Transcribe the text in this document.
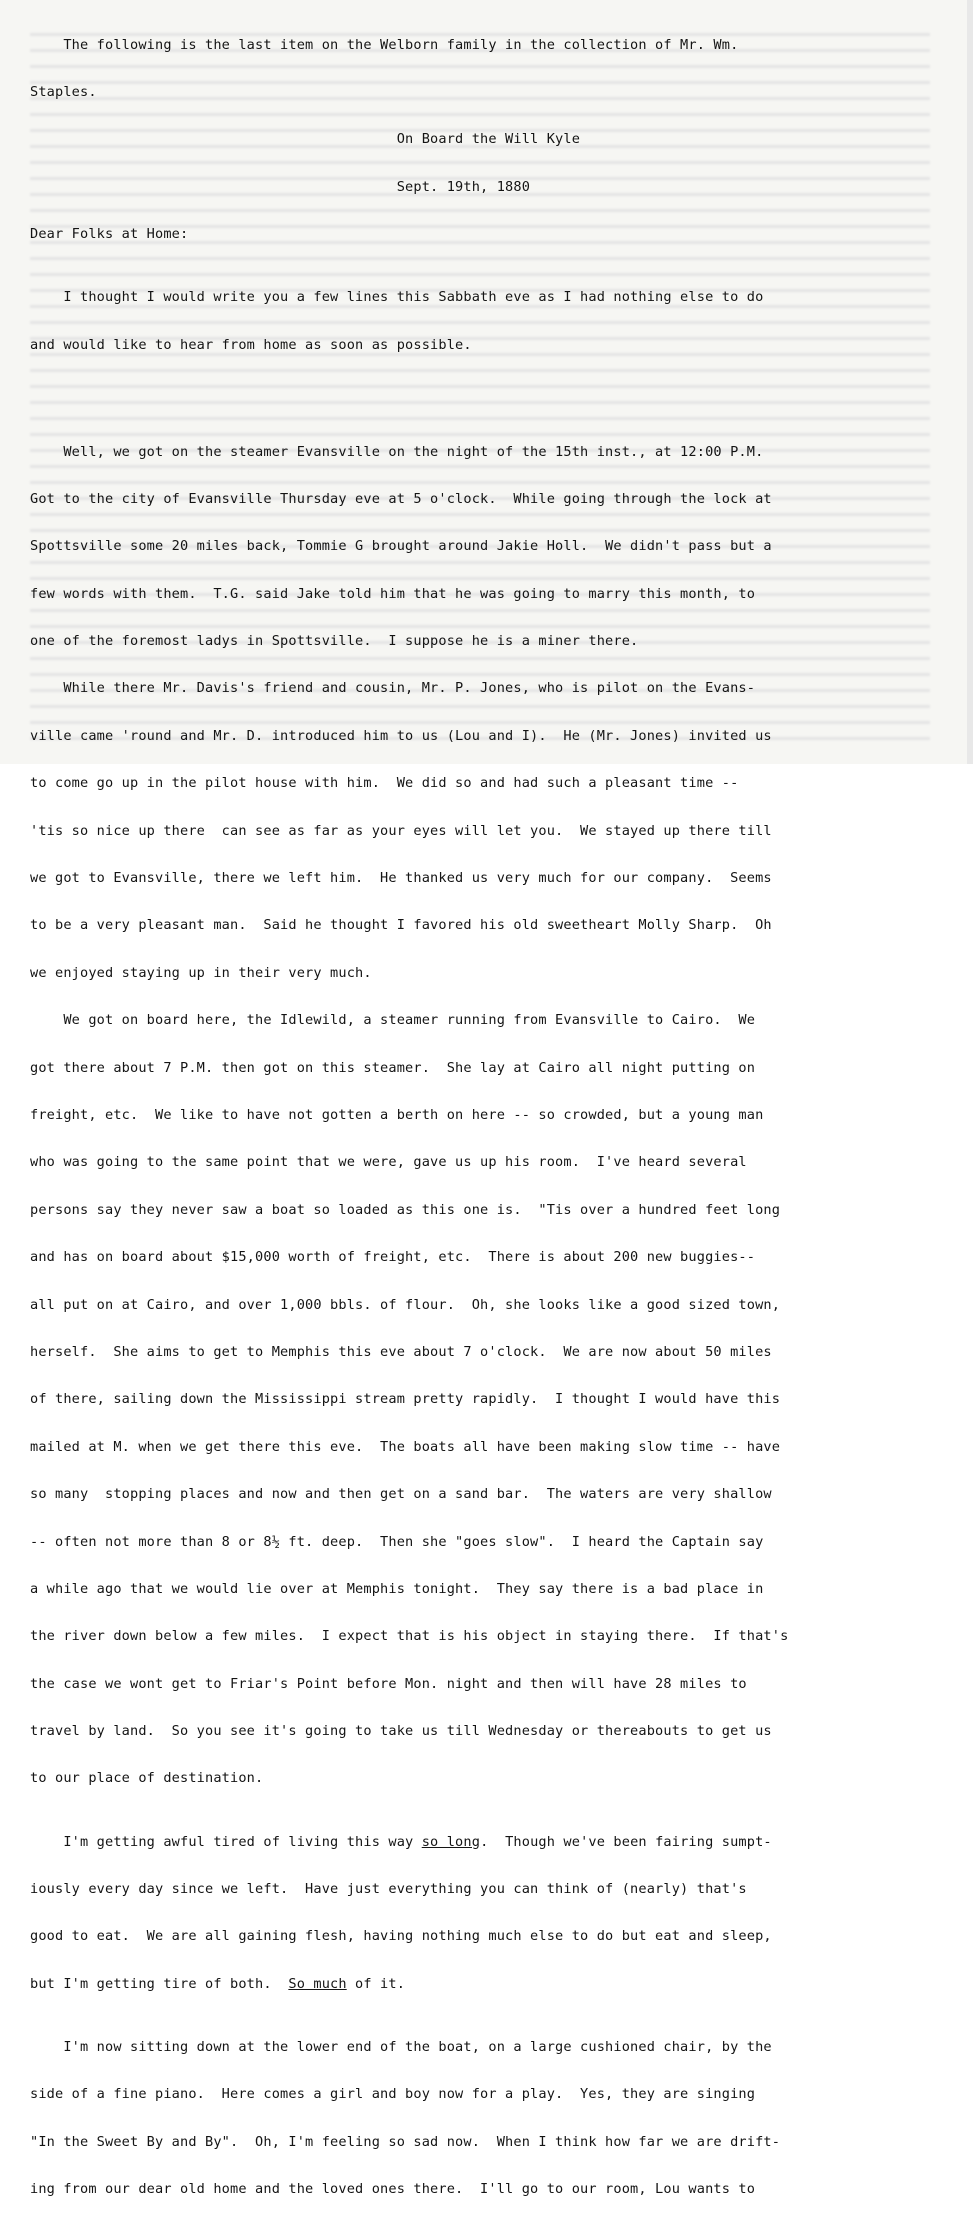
The following is the last item on the Welborn family in the collection of Mr. Wm.

Staples.

On Board the Will Kyle

Sept. 19th, 1880

Dear Folks at Home:

I thought I would write you a few lines this Sabbath eve as I had nothing else to do

and would like to hear from home as soon as possible.

Well, we got on the steamer Evansville on the night of the 15th inst., at 12:00 P.M.

Got to the city of Evansville Thursday eve at 5 o'clock.  While going through the lock at

Spottsville some 20 miles back, Tommie G brought around Jakie Holl.  We didn't pass but a

few words with them.  T.G. said Jake told him that he was going to marry this month, to

one of the foremost ladys in Spottsville.  I suppose he is a miner there.

While there Mr. Davis's friend and cousin, Mr. P. Jones, who is pilot on the Evans-

ville came 'round and Mr. D. introduced him to us (Lou and I).  He (Mr. Jones) invited us

to come go up in the pilot house with him.  We did so and had such a pleasant time --

'tis so nice up there  can see as far as your eyes will let you.  We stayed up there till

we got to Evansville, there we left him.  He thanked us very much for our company.  Seems

to be a very pleasant man.  Said he thought I favored his old sweetheart Molly Sharp.  Oh

we enjoyed staying up in their very much.

We got on board here, the Idlewild, a steamer running from Evansville to Cairo.  We

got there about 7 P.M. then got on this steamer.  She lay at Cairo all night putting on

freight, etc.  We like to have not gotten a berth on here -- so crowded, but a young man

who was going to the same point that we were, gave us up his room.  I've heard several

persons say they never saw a boat so loaded as this one is.  "Tis over a hundred feet long

and has on board about $15,000 worth of freight, etc.  There is about 200 new buggies--

all put on at Cairo, and over 1,000 bbls. of flour.  Oh, she looks like a good sized town,

herself.  She aims to get to Memphis this eve about 7 o'clock.  We are now about 50 miles

of there, sailing down the Mississippi stream pretty rapidly.  I thought I would have this

mailed at M. when we get there this eve.  The boats all have been making slow time -- have

so many  stopping places and now and then get on a sand bar.  The waters are very shallow

-- often not more than 8 or 8½ ft. deep.  Then she "goes slow".  I heard the Captain say

a while ago that we would lie over at Memphis tonight.  They say there is a bad place in

the river down below a few miles.  I expect that is his object in staying there.  If that's

the case we wont get to Friar's Point before Mon. night and then will have 28 miles to

travel by land.  So you see it's going to take us till Wednesday or thereabouts to get us

to our place of destination.

I'm getting awful tired of living this way so long.  Though we've been fairing sumpt-

iously every day since we left.  Have just everything you can think of (nearly) that's

good to eat.  We are all gaining flesh, having nothing much else to do but eat and sleep,

but I'm getting tire of both.  So much of it.

I'm now sitting down at the lower end of the boat, on a large cushioned chair, by the

side of a fine piano.  Here comes a girl and boy now for a play.  Yes, they are singing

"In the Sweet By and By".  Oh, I'm feeling so sad now.  When I think how far we are drift-

ing from our dear old home and the loved ones there.  I'll go to our room, Lou wants to
